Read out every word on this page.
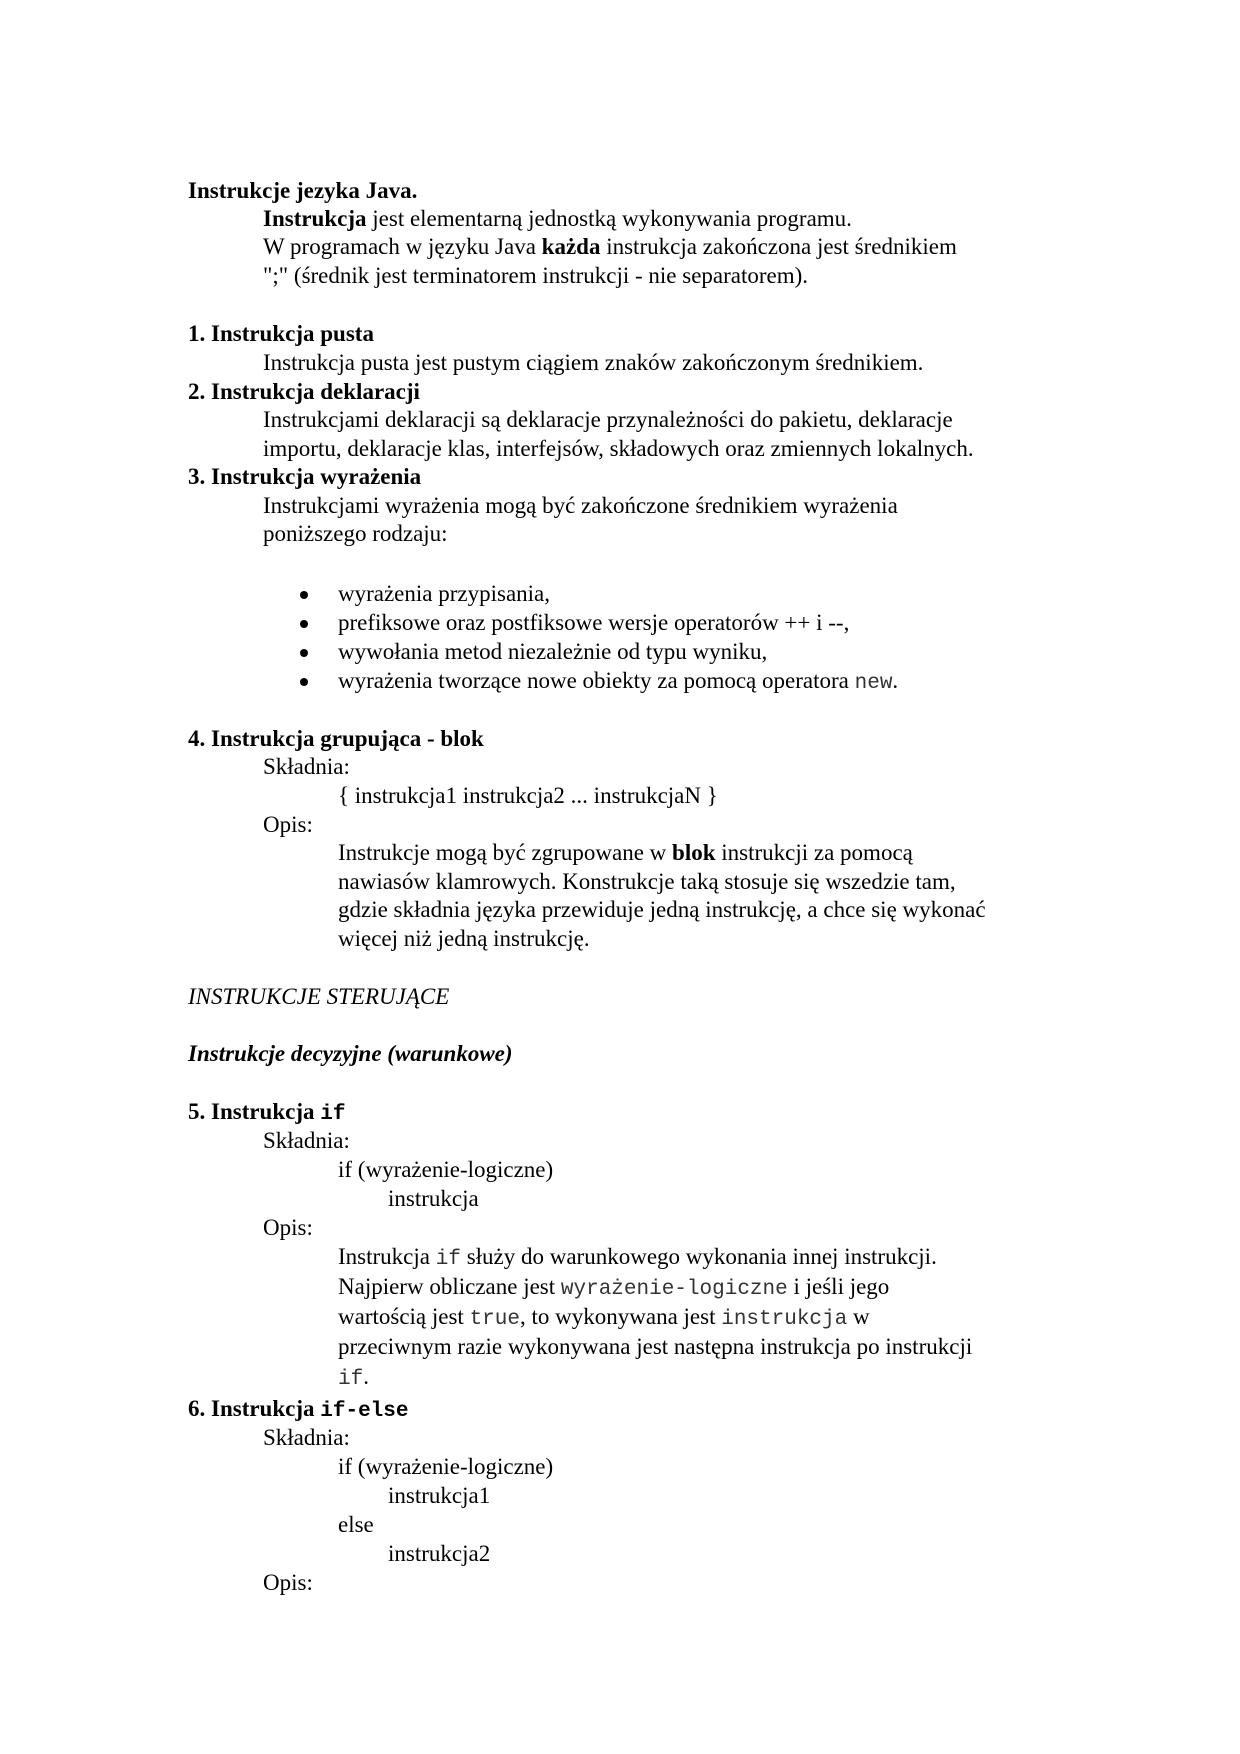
Instrukcje jezyka Java.
Instrukcja jest elementarną jednostką wykonywania programu.
W programach w języku Java każda instrukcja zakończona jest średnikiem
";" (średnik jest terminatorem instrukcji - nie separatorem).
1. Instrukcja pusta
Instrukcja pusta jest pustym ciągiem znaków zakończonym średnikiem.
2. Instrukcja deklaracji
Instrukcjami deklaracji są deklaracje przynależności do pakietu, deklaracje
importu, deklaracje klas, interfejsów, składowych oraz zmiennych lokalnych.
3. Instrukcja wyrażenia
Instrukcjami wyrażenia mogą być zakończone średnikiem wyrażenia
poniższego rodzaju:
wyrażenia przypisania,
prefiksowe oraz postfiksowe wersje operatorów ++ i --,
wywołania metod niezależnie od typu wyniku,
wyrażenia tworzące nowe obiekty za pomocą operatora new.
4. Instrukcja grupująca - blok
Składnia:
{ instrukcja1 instrukcja2 ... instrukcjaN }
Opis:
Instrukcje mogą być zgrupowane w blok instrukcji za pomocą
nawiasów klamrowych. Konstrukcje taką stosuje się wszedzie tam,
gdzie składnia języka przewiduje jedną instrukcję, a chce się wykonać
więcej niż jedną instrukcję.
INSTRUKCJE STERUJĄCE
Instrukcje decyzyjne (warunkowe)
5. Instrukcja if
Składnia:
if (wyrażenie-logiczne)
instrukcja
Opis:
Instrukcja if służy do warunkowego wykonania innej instrukcji.
Najpierw obliczane jest wyrażenie-logiczne i jeśli jego
wartością jest true, to wykonywana jest instrukcja w
przeciwnym razie wykonywana jest następna instrukcja po instrukcji
if.
6. Instrukcja if-else
Składnia:
if (wyrażenie-logiczne)
instrukcja1
else
instrukcja2
Opis:
